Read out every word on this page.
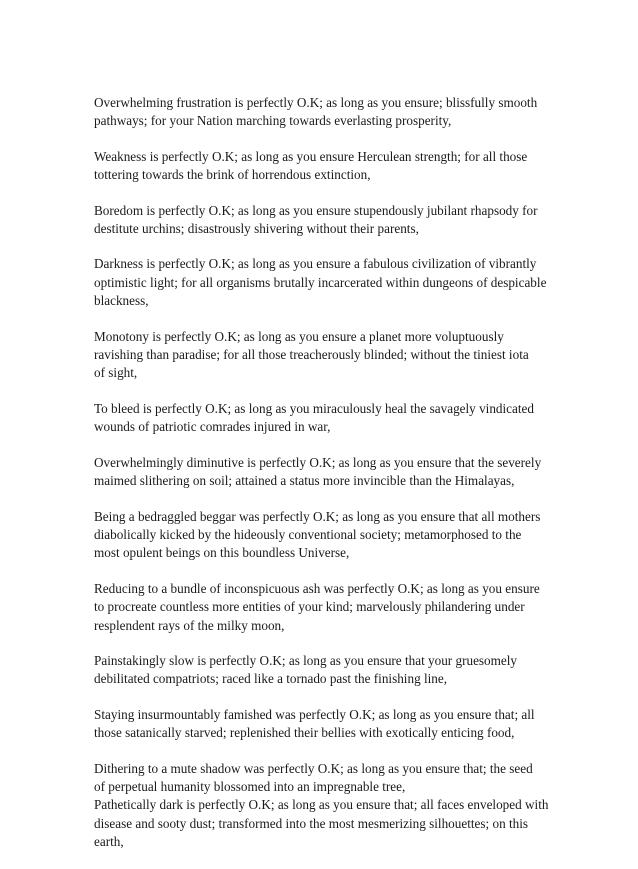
Overwhelming frustration is perfectly O.K; as long as you ensure; blissfully smooth
pathways; for your Nation marching towards everlasting prosperity,

Weakness is perfectly O.K; as long as you ensure Herculean strength; for all those
tottering towards the brink of horrendous extinction,

Boredom is perfectly O.K; as long as you ensure stupendously jubilant rhapsody for
destitute urchins; disastrously shivering without their parents,

Darkness is perfectly O.K; as long as you ensure a fabulous civilization of vibrantly
optimistic light; for all organisms brutally incarcerated within dungeons of despicable
blackness,

Monotony is perfectly O.K; as long as you ensure a planet more voluptuously
ravishing than paradise; for all those treacherously blinded; without the tiniest iota
of sight,

To bleed is perfectly O.K; as long as you miraculously heal the savagely vindicated
wounds of patriotic comrades injured in war,

Overwhelmingly diminutive is perfectly O.K; as long as you ensure that the severely
maimed slithering on soil; attained a status more invincible than the Himalayas,

Being a bedraggled beggar was perfectly O.K; as long as you ensure that all mothers
diabolically kicked by the hideously conventional society; metamorphosed to the
most opulent beings on this boundless Universe,

Reducing to a bundle of inconspicuous ash was perfectly O.K; as long as you ensure
to procreate countless more entities of your kind; marvelously philandering under
resplendent rays of the milky moon,

Painstakingly slow is perfectly O.K; as long as you ensure that your gruesomely
debilitated compatriots; raced like a tornado past the finishing line,

Staying insurmountably famished was perfectly O.K; as long as you ensure that; all
those satanically starved; replenished their bellies with exotically enticing food,

Dithering to a mute shadow was perfectly O.K; as long as you ensure that; the seed
of perpetual humanity blossomed into an impregnable tree,

Pathetically dark is perfectly O.K; as long as you ensure that; all faces enveloped with
disease and sooty dust; transformed into the most mesmerizing silhouettes; on this
earth,
